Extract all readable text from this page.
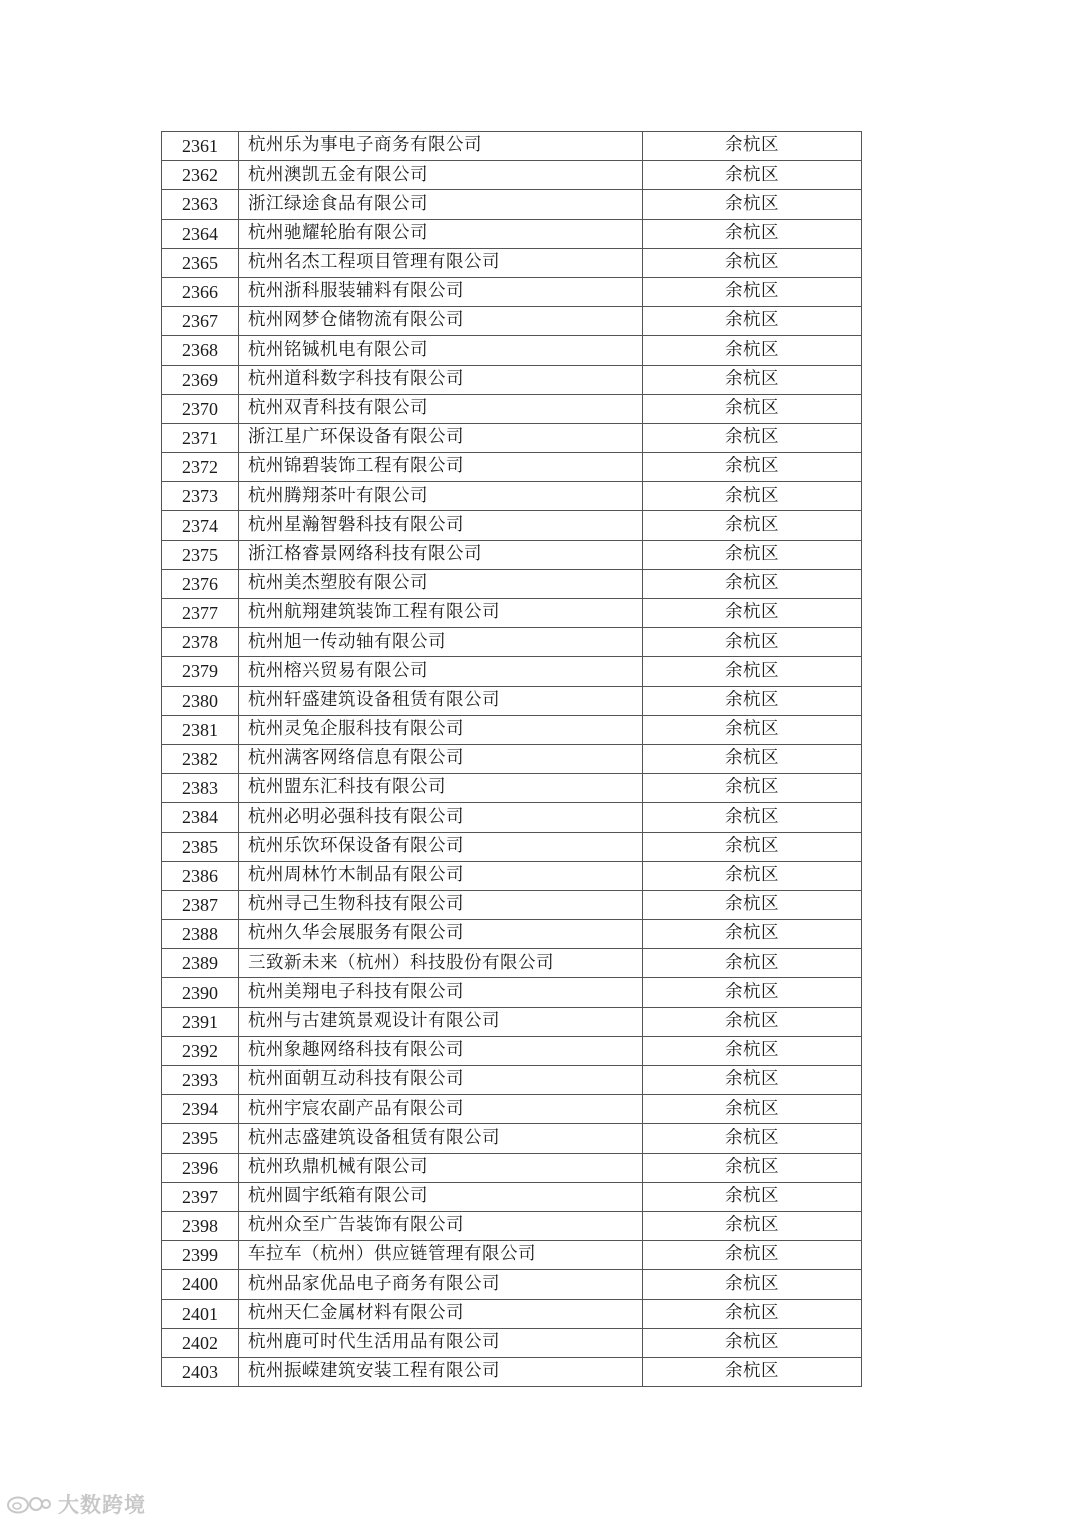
2361	杭州乐为事电子商务有限公司	余杭区
2362	杭州澳凯五金有限公司	余杭区
2363	浙江绿途食品有限公司	余杭区
2364	杭州驰耀轮胎有限公司	余杭区
2365	杭州名杰工程项目管理有限公司	余杭区
2366	杭州浙科服装辅料有限公司	余杭区
2367	杭州网梦仓储物流有限公司	余杭区
2368	杭州铭铖机电有限公司	余杭区
2369	杭州道科数字科技有限公司	余杭区
2370	杭州双青科技有限公司	余杭区
2371	浙江星广环保设备有限公司	余杭区
2372	杭州锦碧装饰工程有限公司	余杭区
2373	杭州腾翔茶叶有限公司	余杭区
2374	杭州星瀚智磐科技有限公司	余杭区
2375	浙江格睿景网络科技有限公司	余杭区
2376	杭州美杰塑胶有限公司	余杭区
2377	杭州航翔建筑装饰工程有限公司	余杭区
2378	杭州旭一传动轴有限公司	余杭区
2379	杭州榕兴贸易有限公司	余杭区
2380	杭州轩盛建筑设备租赁有限公司	余杭区
2381	杭州灵兔企服科技有限公司	余杭区
2382	杭州满客网络信息有限公司	余杭区
2383	杭州盟东汇科技有限公司	余杭区
2384	杭州必明必强科技有限公司	余杭区
2385	杭州乐饮环保设备有限公司	余杭区
2386	杭州周林竹木制品有限公司	余杭区
2387	杭州寻己生物科技有限公司	余杭区
2388	杭州久华会展服务有限公司	余杭区
2389	三致新未来（杭州）科技股份有限公司	余杭区
2390	杭州美翔电子科技有限公司	余杭区
2391	杭州与古建筑景观设计有限公司	余杭区
2392	杭州象趣网络科技有限公司	余杭区
2393	杭州面朝互动科技有限公司	余杭区
2394	杭州宇宸农副产品有限公司	余杭区
2395	杭州志盛建筑设备租赁有限公司	余杭区
2396	杭州玖鼎机械有限公司	余杭区
2397	杭州圆宇纸箱有限公司	余杭区
2398	杭州众至广告装饰有限公司	余杭区
2399	车拉车（杭州）供应链管理有限公司	余杭区
2400	杭州品家优品电子商务有限公司	余杭区
2401	杭州天仁金属材料有限公司	余杭区
2402	杭州鹿可时代生活用品有限公司	余杭区
2403	杭州振嵘建筑安装工程有限公司	余杭区
大数跨境
